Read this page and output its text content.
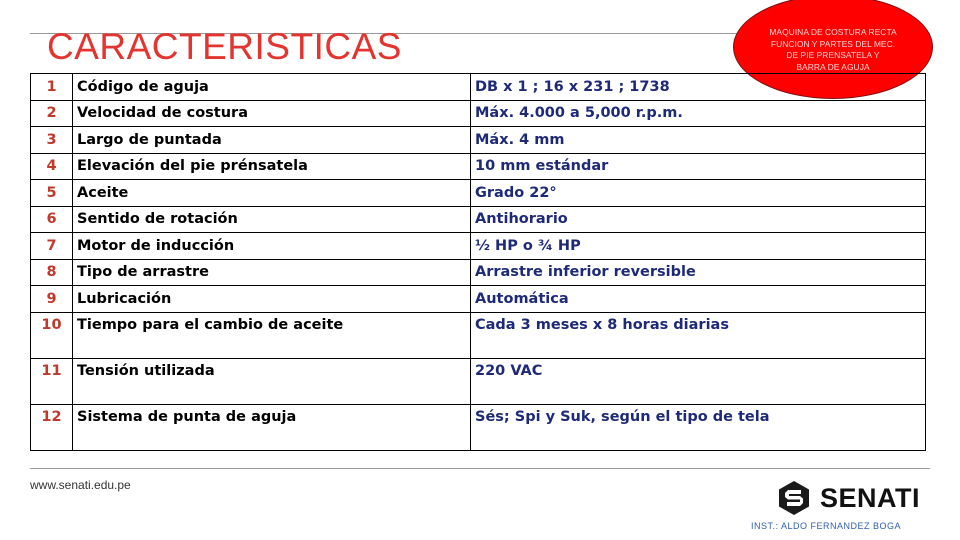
CARACTERISTICAS	MAQUINA DE COSTURA RECTA
FUNCION Y PARTES DEL MEC.
DE PIE PRENSATELA Y
BARRA DE AGUJA
1	Código de aguja	DB x 1 ; 16 x 231 ; 1738
2	Velocidad de costura	Máx. 4.000 a 5,000 r.p.m.
3	Largo de puntada	Máx. 4 mm
4	Elevación del pie prénsatela	10 mm estándar
5	Aceite	Grado 22°
6	Sentido de rotación	Antihorario
7	Motor de inducción	½ HP o ¾ HP
8	Tipo de arrastre	Arrastre inferior reversible
9	Lubricación	Automática
10	Tiempo para el cambio de aceite	Cada 3 meses x 8 horas diarias
11	Tensión utilizada	220 VAC
12	Sistema de punta de aguja	Sés; Spi y Suk, según el tipo de tela
www.senati.edu.pe	SENATI
INST.: ALDO FERNANDEZ BOGA
